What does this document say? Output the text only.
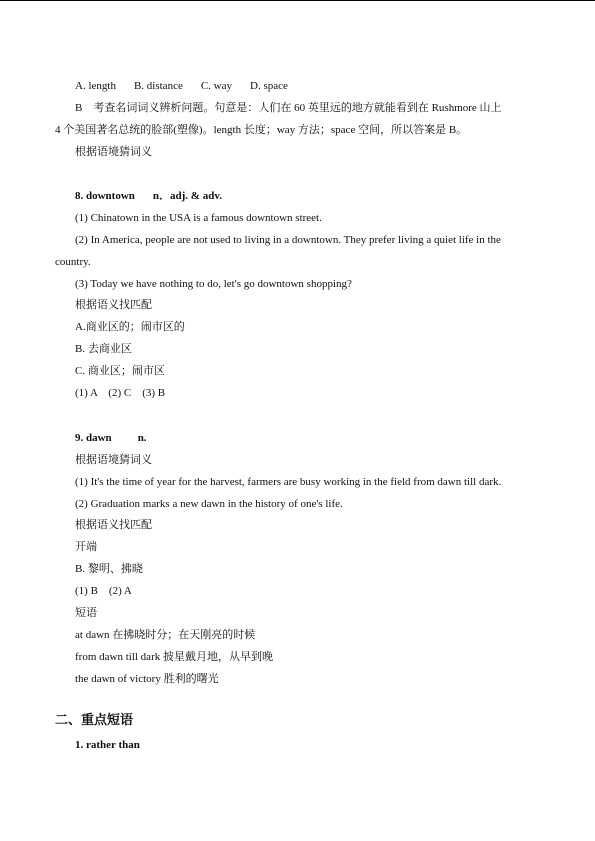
A. length B. distance C. way D. space
B　考查名词词义辨析问题。句意是：人们在 60 英里远的地方就能看到在 Rushmore 山上
4 个美国著名总统的脸部(塑像)。length 长度；way 方法；space 空间，所以答案是 B。
根据语境猜词义
8. downtown n．adj. & adv.
(1) Chinatown in the USA is a famous downtown street.
(2) In America, people are not used to living in a downtown. They prefer living a quiet life in the
country.
(3) Today we have nothing to do, let's go downtown shopping?
根据语义找匹配
A.商业区的；闹市区的
B. 去商业区
C. 商业区；闹市区
(1) A　(2) C　(3) B
9. dawn n.
根据语境猜词义
(1) It's the time of year for the harvest, farmers are busy working in the field from dawn till dark.
(2) Graduation marks a new dawn in the history of one's life.
根据语义找匹配
开端
B. 黎明、拂晓
(1) B　(2) A
短语
at dawn 在拂晓时分；在天刚亮的时候
from dawn till dark 披星戴月地，从早到晚
the dawn of victory 胜利的曙光
二、重点短语
1. rather than
